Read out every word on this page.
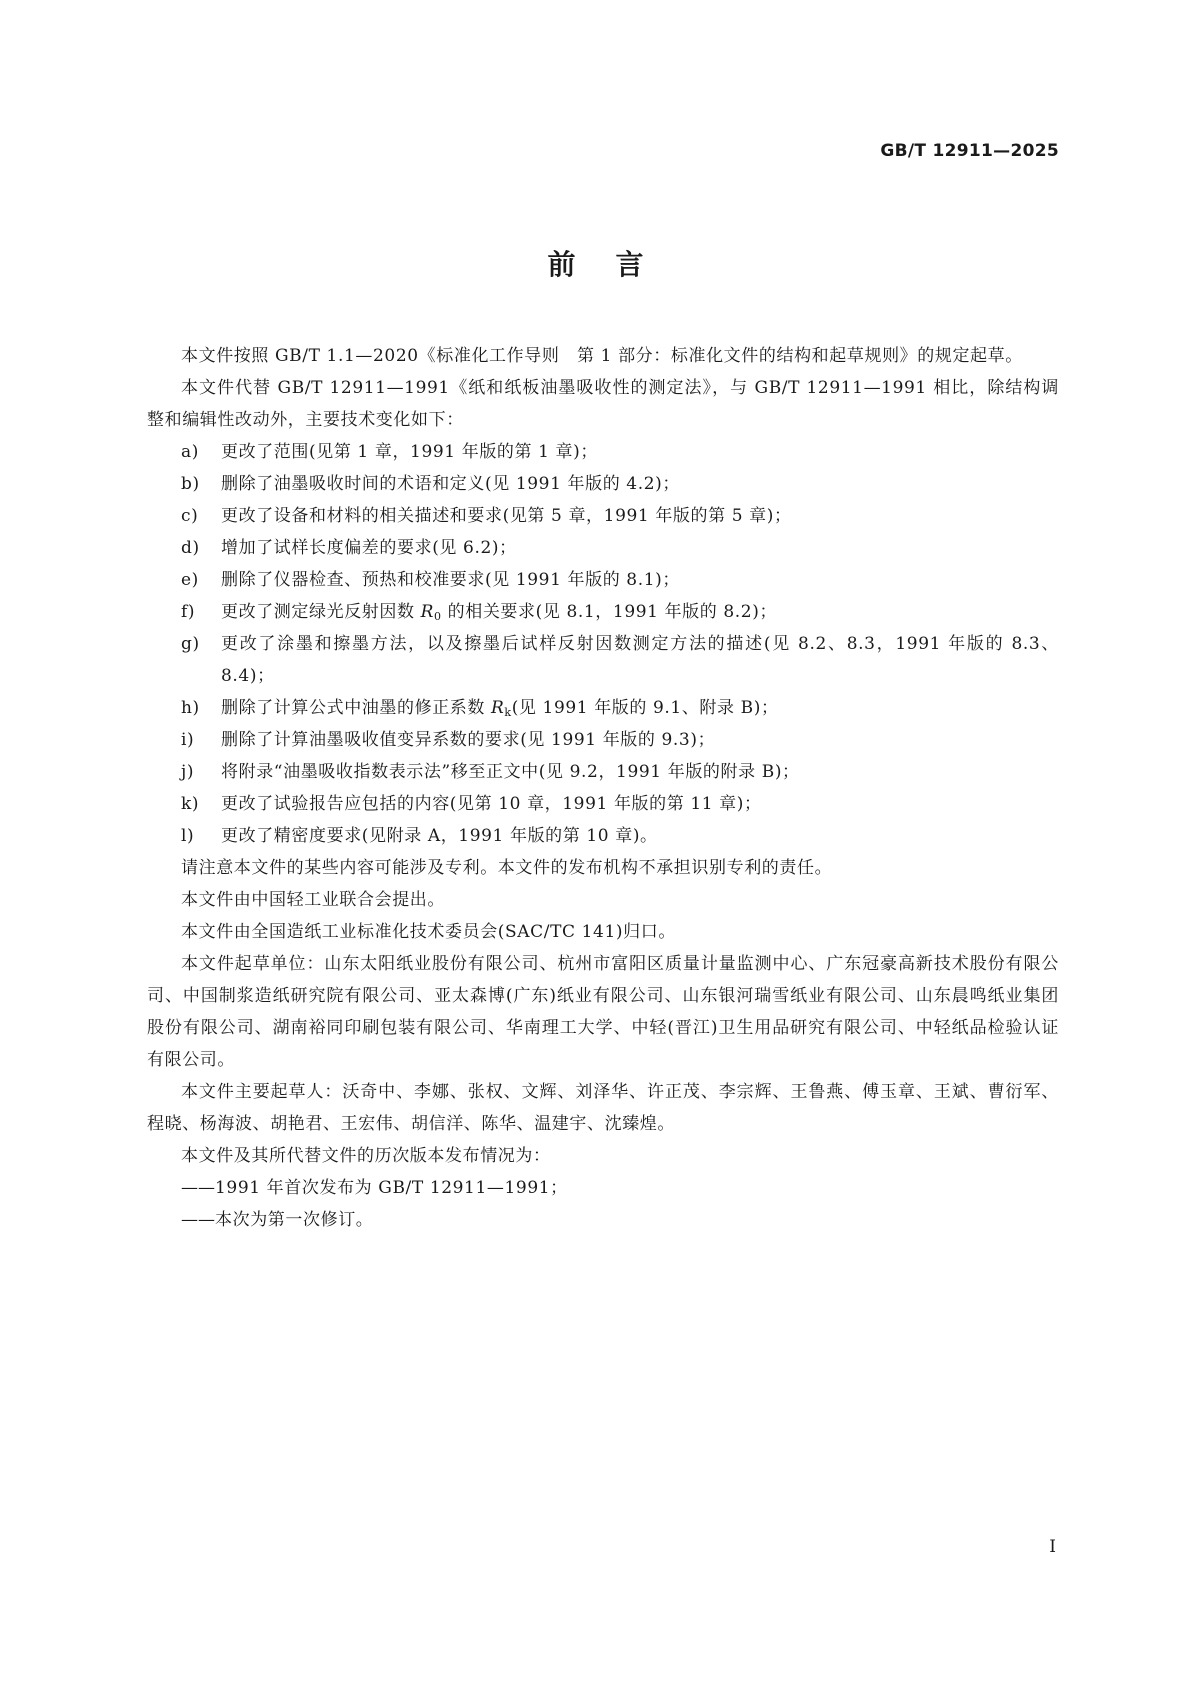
GB/T 12911—2025
前言

本文件按照 GB/T 1.1—2020《标准化工作导则　第 1 部分：标准化文件的结构和起草规则》的规定起草。

本文件代替 GB/T 12911—1991《纸和纸板油墨吸收性的测定法》，与 GB/T 12911—1991 相比，除结构调整和编辑性改动外，主要技术变化如下：

a)	更改了范围(见第 1 章，1991 年版的第 1 章)；
b)	删除了油墨吸收时间的术语和定义(见 1991 年版的 4.2)；
c)	更改了设备和材料的相关描述和要求(见第 5 章，1991 年版的第 5 章)；
d)	增加了试样长度偏差的要求(见 6.2)；
e)	删除了仪器检查、预热和校准要求(见 1991 年版的 8.1)；
f)	更改了测定绿光反射因数 $R_0$ 的相关要求(见 8.1，1991 年版的 8.2)；
g)	更改了涂墨和擦墨方法，以及擦墨后试样反射因数测定方法的描述(见 8.2、8.3，1991 年版的 8.3、8.4)；
h)	删除了计算公式中油墨的修正系数 $R_k$(见 1991 年版的 9.1、附录 B)；
i)	删除了计算油墨吸收值变异系数的要求(见 1991 年版的 9.3)；
j)	将附录“油墨吸收指数表示法”移至正文中(见 9.2，1991 年版的附录 B)；
k)	更改了试验报告应包括的内容(见第 10 章，1991 年版的第 11 章)；
l)	更改了精密度要求(见附录 A，1991 年版的第 10 章)。

请注意本文件的某些内容可能涉及专利。本文件的发布机构不承担识别专利的责任。

本文件由中国轻工业联合会提出。

本文件由全国造纸工业标准化技术委员会(SAC/TC 141)归口。

本文件起草单位：山东太阳纸业股份有限公司、杭州市富阳区质量计量监测中心、广东冠豪高新技术股份有限公司、中国制浆造纸研究院有限公司、亚太森博(广东)纸业有限公司、山东银河瑞雪纸业有限公司、山东晨鸣纸业集团股份有限公司、湖南裕同印刷包装有限公司、华南理工大学、中轻(晋江)卫生用品研究有限公司、中轻纸品检验认证有限公司。

本文件主要起草人：沃奇中、李娜、张权、文辉、刘泽华、许正茂、李宗辉、王鲁燕、傅玉章、王斌、曹衍军、程晓、杨海波、胡艳君、王宏伟、胡信洋、陈华、温建宇、沈臻煌。

本文件及其所代替文件的历次版本发布情况为：

——1991 年首次发布为 GB/T 12911—1991；
——本次为第一次修订。
I
